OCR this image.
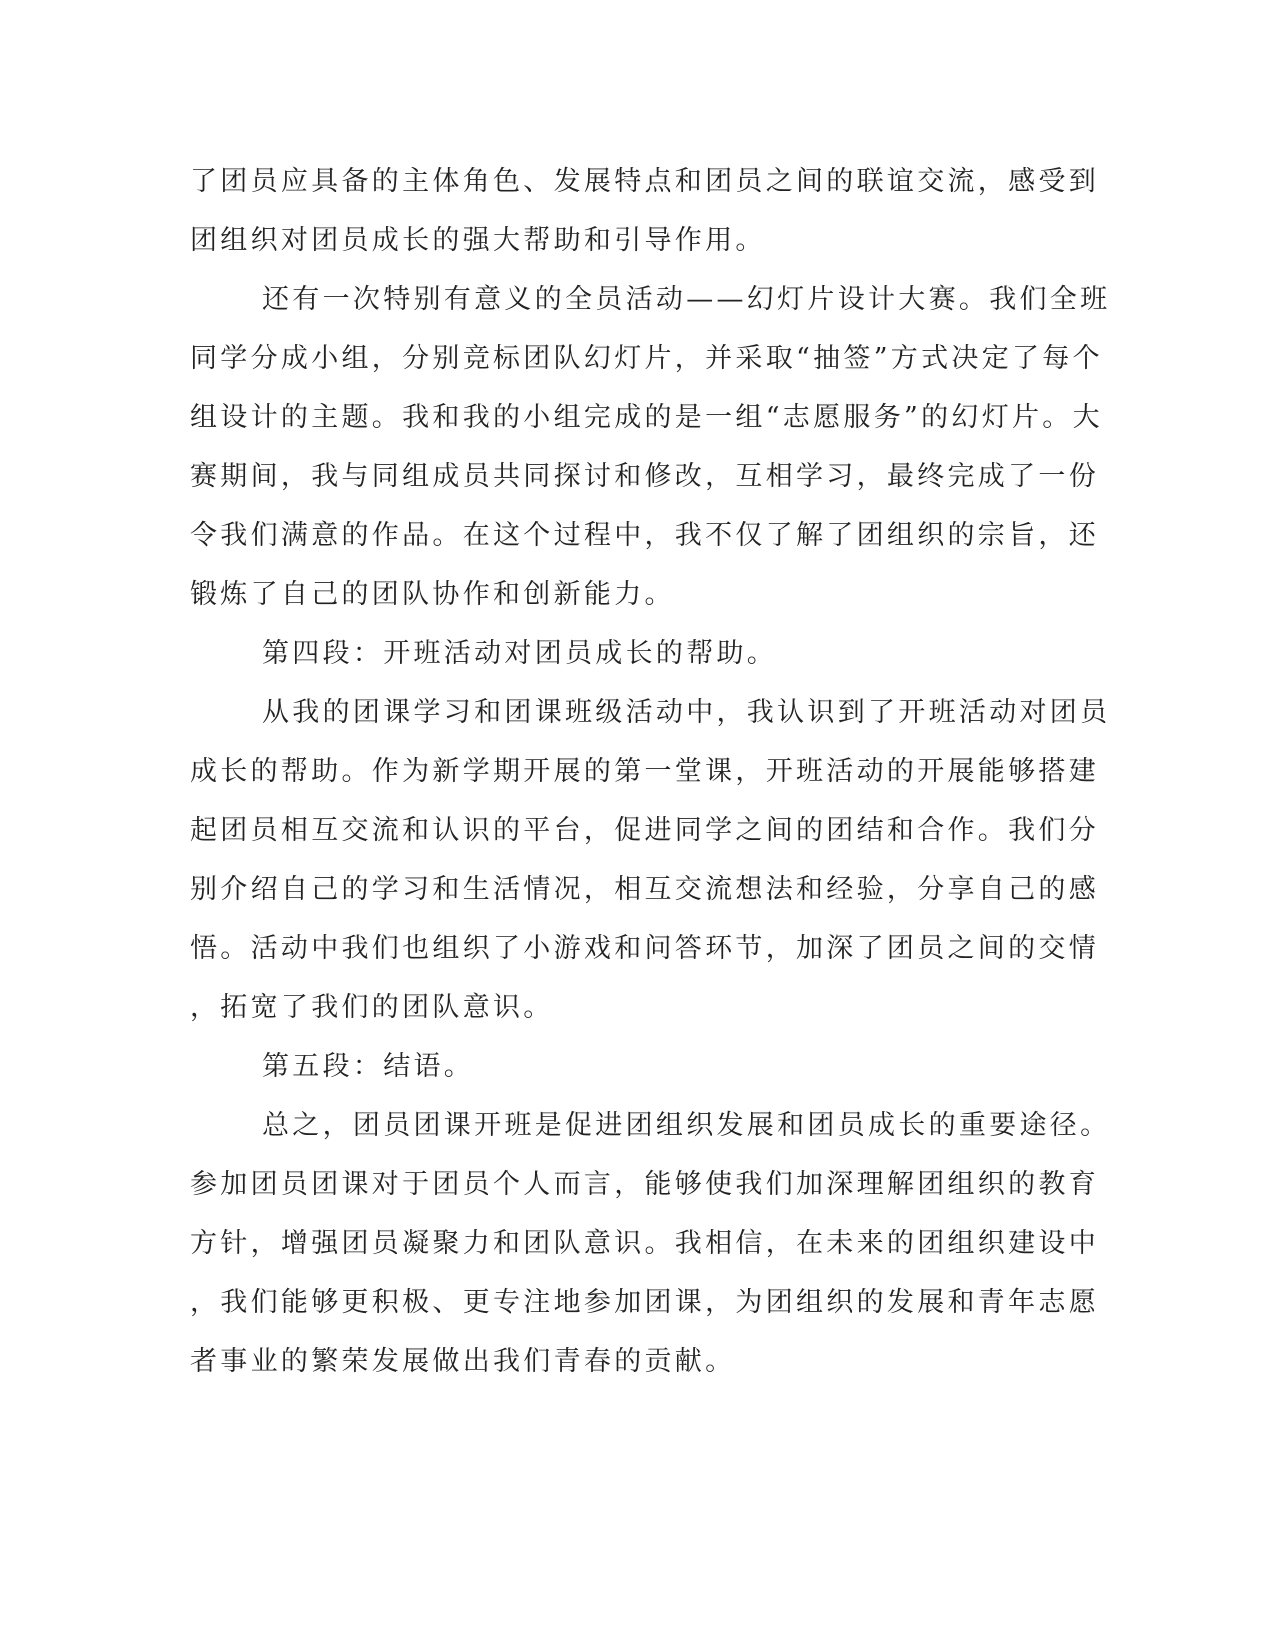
了团员应具备的主体角色、发展特点和团员之间的联谊交流，感受到
团组织对团员成长的强大帮助和引导作用。
还有一次特别有意义的全员活动——幻灯片设计大赛。我们全班
同学分成小组，分别竞标团队幻灯片，并采取“抽签”方式决定了每个
组设计的主题。我和我的小组完成的是一组“志愿服务”的幻灯片。大
赛期间，我与同组成员共同探讨和修改，互相学习，最终完成了一份
令我们满意的作品。在这个过程中，我不仅了解了团组织的宗旨，还
锻炼了自己的团队协作和创新能力。
第四段：开班活动对团员成长的帮助。
从我的团课学习和团课班级活动中，我认识到了开班活动对团员
成长的帮助。作为新学期开展的第一堂课，开班活动的开展能够搭建
起团员相互交流和认识的平台，促进同学之间的团结和合作。我们分
别介绍自己的学习和生活情况，相互交流想法和经验，分享自己的感
悟。活动中我们也组织了小游戏和问答环节，加深了团员之间的交情
，拓宽了我们的团队意识。
第五段：结语。
总之，团员团课开班是促进团组织发展和团员成长的重要途径。
参加团员团课对于团员个人而言，能够使我们加深理解团组织的教育
方针，增强团员凝聚力和团队意识。我相信，在未来的团组织建设中
，我们能够更积极、更专注地参加团课，为团组织的发展和青年志愿
者事业的繁荣发展做出我们青春的贡献。
